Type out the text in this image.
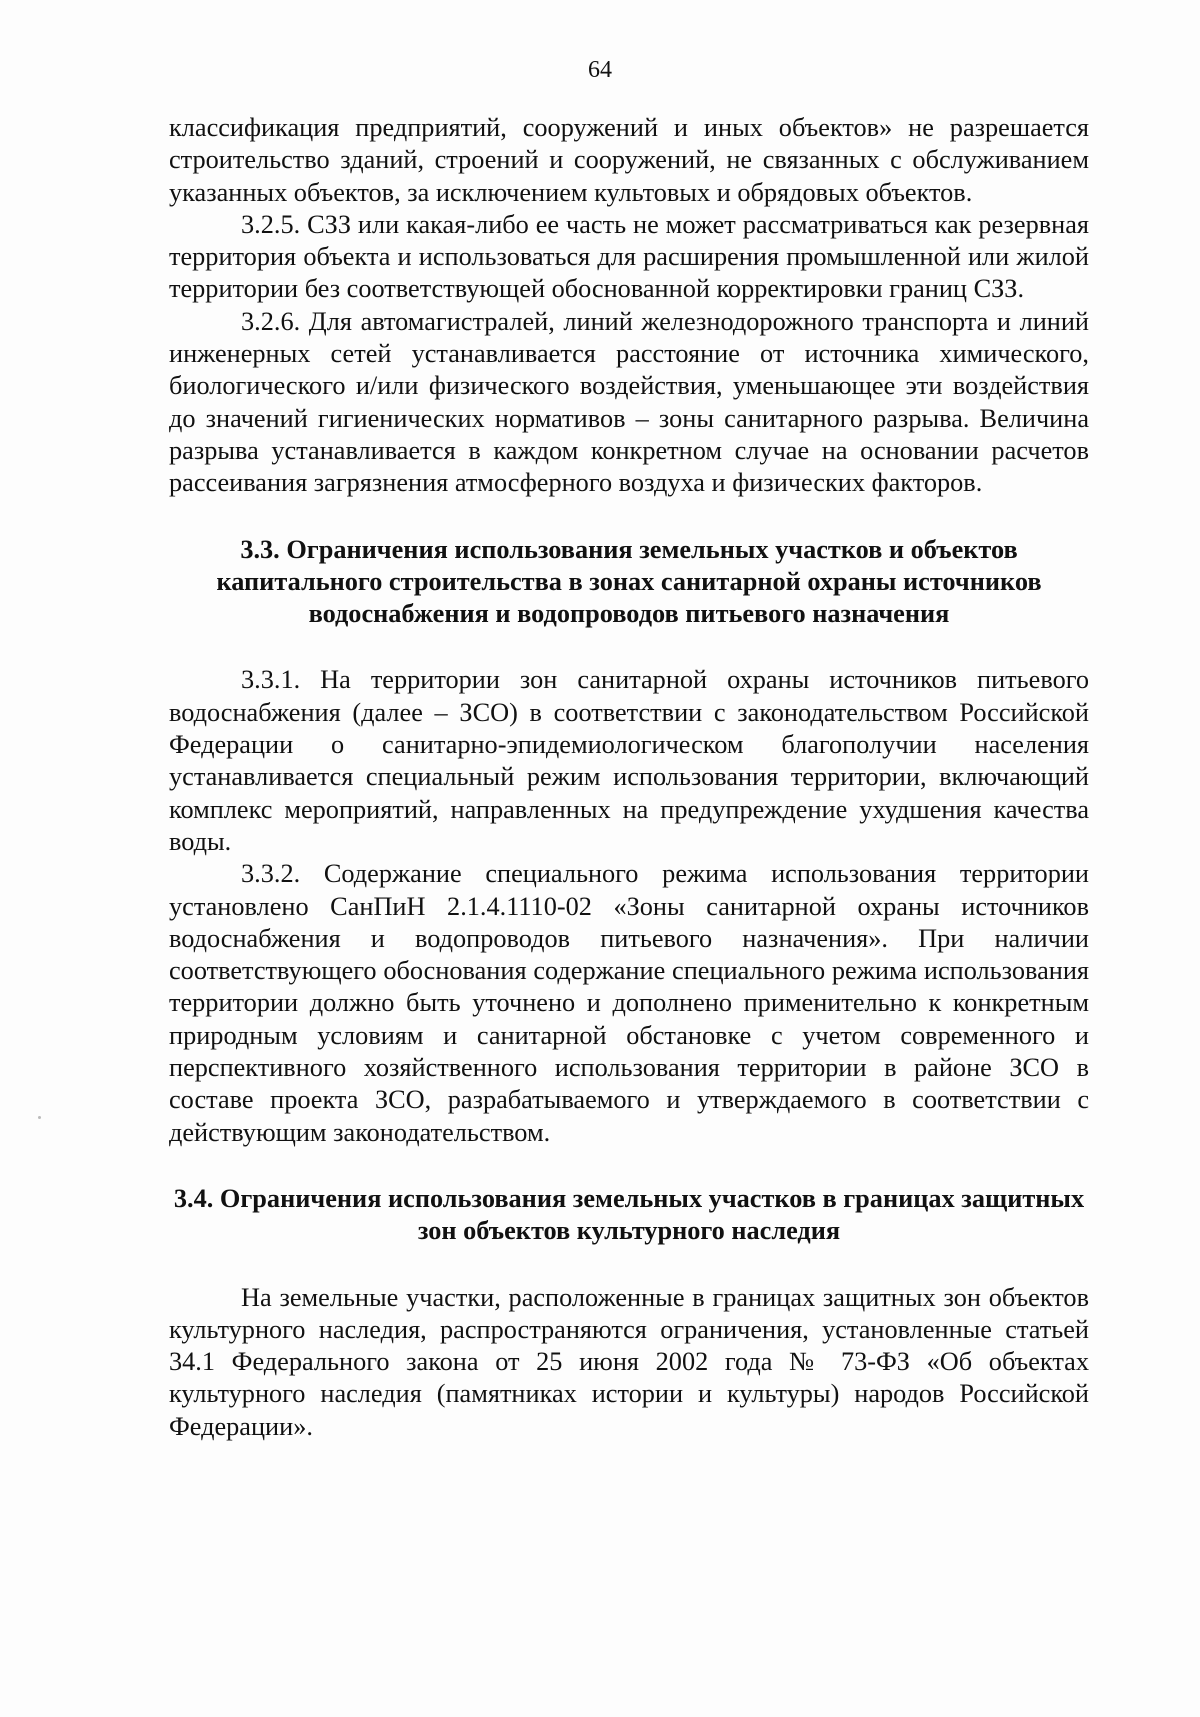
64

классификация предприятий, сооружений и иных объектов» не разрешается строительство зданий, строений и сооружений, не связанных с обслуживанием указанных объектов, за исключением культовых и обрядовых объектов.

3.2.5. СЗЗ или какая-либо ее часть не может рассматриваться как резервная территория объекта и использоваться для расширения промышленной или жилой территории без соответствующей обоснованной корректировки границ СЗЗ.

3.2.6. Для автомагистралей, линий железнодорожного транспорта и линий инженерных сетей устанавливается расстояние от источника химического, биологического и/или физического воздействия, уменьшающее эти воздействия до значений гигиенических нормативов – зоны санитарного разрыва. Величина разрыва устанавливается в каждом конкретном случае на основании расчетов рассеивания загрязнения атмосферного воздуха и физических факторов.

3.3. Ограничения использования земельных участков и объектов капитального строительства в зонах санитарной охраны источников водоснабжения и водопроводов питьевого назначения

3.3.1. На территории зон санитарной охраны источников питьевого водоснабжения (далее – ЗСО) в соответствии с законодательством Российской Федерации о санитарно-эпидемиологическом благополучии населения устанавливается специальный режим использования территории, включающий комплекс мероприятий, направленных на предупреждение ухудшения качества воды.

3.3.2. Содержание специального режима использования территории установлено СанПиН 2.1.4.1110-02 «Зоны санитарной охраны источников водоснабжения и водопроводов питьевого назначения». При наличии соответствующего обоснования содержание специального режима использования территории должно быть уточнено и дополнено применительно к конкретным природным условиям и санитарной обстановке с учетом современного и перспективного хозяйственного использования территории в районе ЗСО в составе проекта ЗСО, разрабатываемого и утверждаемого в соответствии с действующим законодательством.

3.4. Ограничения использования земельных участков в границах защитных зон объектов культурного наследия

На земельные участки, расположенные в границах защитных зон объектов культурного наследия, распространяются ограничения, установленные статьей 34.1 Федерального закона от 25 июня 2002 года № 73-ФЗ «Об объектах культурного наследия (памятниках истории и культуры) народов Российской Федерации».
